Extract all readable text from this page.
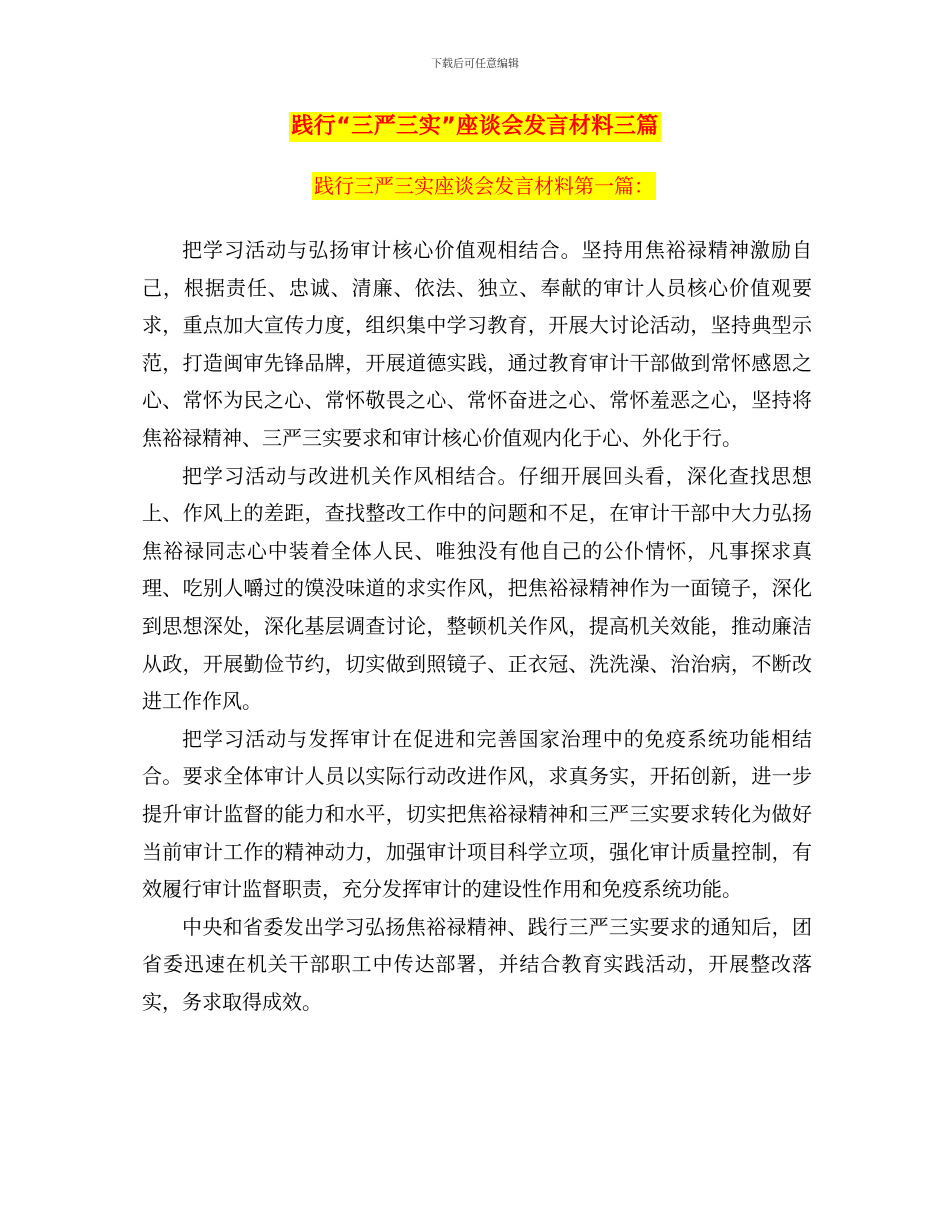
下载后可任意编辑
践行“三严三实”座谈会发言材料三篇
践行三严三实座谈会发言材料第一篇：

把学习活动与弘扬审计核心价值观相结合。坚持用焦裕禄精神激励自己，根据责任、忠诚、清廉、依法、独立、奉献的审计人员核心价值观要求，重点加大宣传力度，组织集中学习教育，开展大讨论活动，坚持典型示范，打造闽审先锋品牌，开展道德实践，通过教育审计干部做到常怀感恩之心、常怀为民之心、常怀敬畏之心、常怀奋进之心、常怀羞恶之心，坚持将焦裕禄精神、三严三实要求和审计核心价值观内化于心、外化于行。

把学习活动与改进机关作风相结合。仔细开展回头看，深化查找思想上、作风上的差距，查找整改工作中的问题和不足，在审计干部中大力弘扬焦裕禄同志心中装着全体人民、唯独没有他自己的公仆情怀，凡事探求真理、吃别人嚼过的馍没味道的求实作风，把焦裕禄精神作为一面镜子，深化到思想深处，深化基层调查讨论，整顿机关作风，提高机关效能，推动廉洁从政，开展勤俭节约，切实做到照镜子、正衣冠、洗洗澡、治治病，不断改进工作作风。

把学习活动与发挥审计在促进和完善国家治理中的免疫系统功能相结合。要求全体审计人员以实际行动改进作风，求真务实，开拓创新，进一步提升审计监督的能力和水平，切实把焦裕禄精神和三严三实要求转化为做好当前审计工作的精神动力，加强审计项目科学立项，强化审计质量控制，有效履行审计监督职责，充分发挥审计的建设性作用和免疫系统功能。

中央和省委发出学习弘扬焦裕禄精神、践行三严三实要求的通知后，团省委迅速在机关干部职工中传达部署，并结合教育实践活动，开展整改落实，务求取得成效。
